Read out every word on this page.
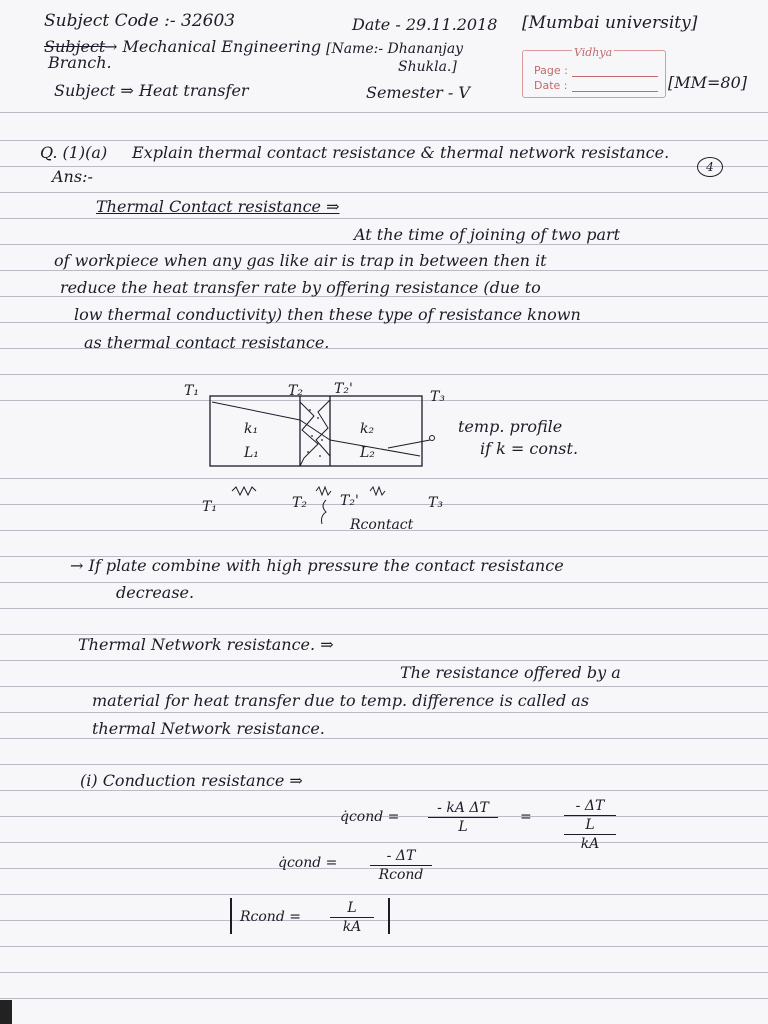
Subject Code :- 32603	Date - 29.11.2018 [Mumbai university]
Subject
→ Mechanical Engineering
Branch.
[Name:- Dhananjay
Shukla.]
Vidhya
Page :
Date :	[MM=80]
Subject ⇒ Heat transfer	Semester - V
Q. (1)(a) Explain thermal contact resistance & thermal network resistance.
4
Ans:-
Thermal Contact resistance ⇒
At the time of joining of two part
of workpiece when any gas like air is trap in between then it
reduce the heat transfer rate by offering resistance (due to
low thermal conductivity) then these type of resistance known
as thermal contact resistance.
T₁	T₂ T₂'	T₃
k₁	k₂
L₁	L₂
temp. profile
if k = const.
T₁	T₂ T₂'	T₃
Rcontact
→ If plate combine with high pressure the contact resistance
decrease.
Thermal Network resistance. ⇒
The resistance offered by a
material for heat transfer due to temp. difference is called as
thermal Network resistance.
(i) Conduction resistance ⇒
q̇cond =
- kA ΔT
L
=
- ΔT
L
kA
q̇cond =	- ΔT
Rcond
Rcond =
L
kA
